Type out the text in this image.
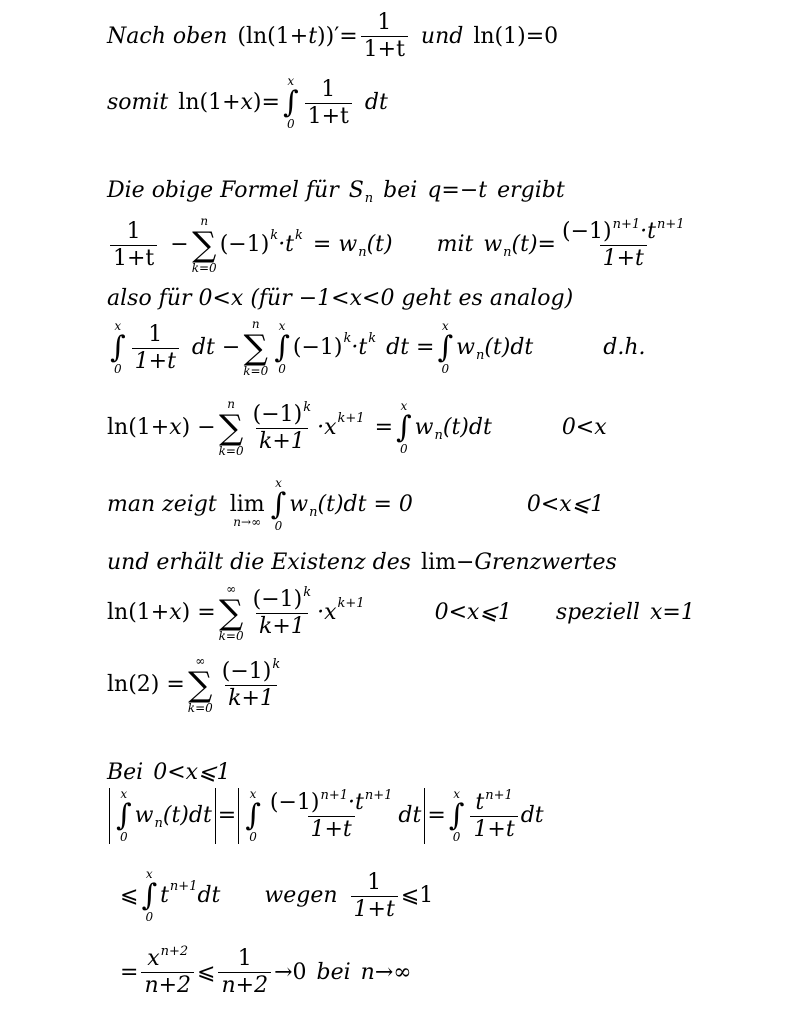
Nach oben (ln(1+ t ))′= $\frac{1}{1+t}$ und ln(1)=0
somit ln(1+ x )=
x
∫
$0 \frac{1}{1+t}$ dt
Die obige Formel für S n bei q=−t ergibt
$\frac{1}{1+t}$ −
n
∑
k=0
(−1) k ·t k = w n (t) mit w n $(t)= \frac{(-1)^{n+1}\cdot t^{n+1}}{1+t}$
also für 0<x (für −1<x<0 geht es analog)
x
∫
$0 \frac{1}{1+t}$ dt −
n
∑
k=0
x
∫
0
(−1) k ·t k dt =
x
∫
0
w n (t)dt	d.h.
ln(1+ x ) −
n
∑
$k=0 \frac{(-1)^k}{k+1} \cdot x$ k+1 =
x
∫
0
w n (t)dt	0<x
man zeigt lim
n→∞
x
∫
0
w n (t)dt = 0	0<x⩽1
und erhält die Existenz des lim −Grenzwertes
ln(1+ x ) =
∞
∑
$k=0 \frac{(-1)^k}{k+1} \cdot x$ k+1	0<x⩽1 speziell x=1
ln(2) =
∞
∑
$k=0 \frac{(-1)^k}{k+1}$
Bei 0<x⩽1
x
∫
0
w n (t)dt =
x
∫
$0 \frac{(-1)^{n+1}\cdot t^{n+1}}{1+t}$ dt =
x
∫
$0 \frac{t^{n+1}}{1+t}$ dt
⩽
x
∫
0
t n+1 dt wegen $\frac{1}{1+t}$ ⩽1
= $\frac{x^{n+2}}{n+2}$ ⩽ $\frac{1}{n+2} \to 0$ bei n→∞
